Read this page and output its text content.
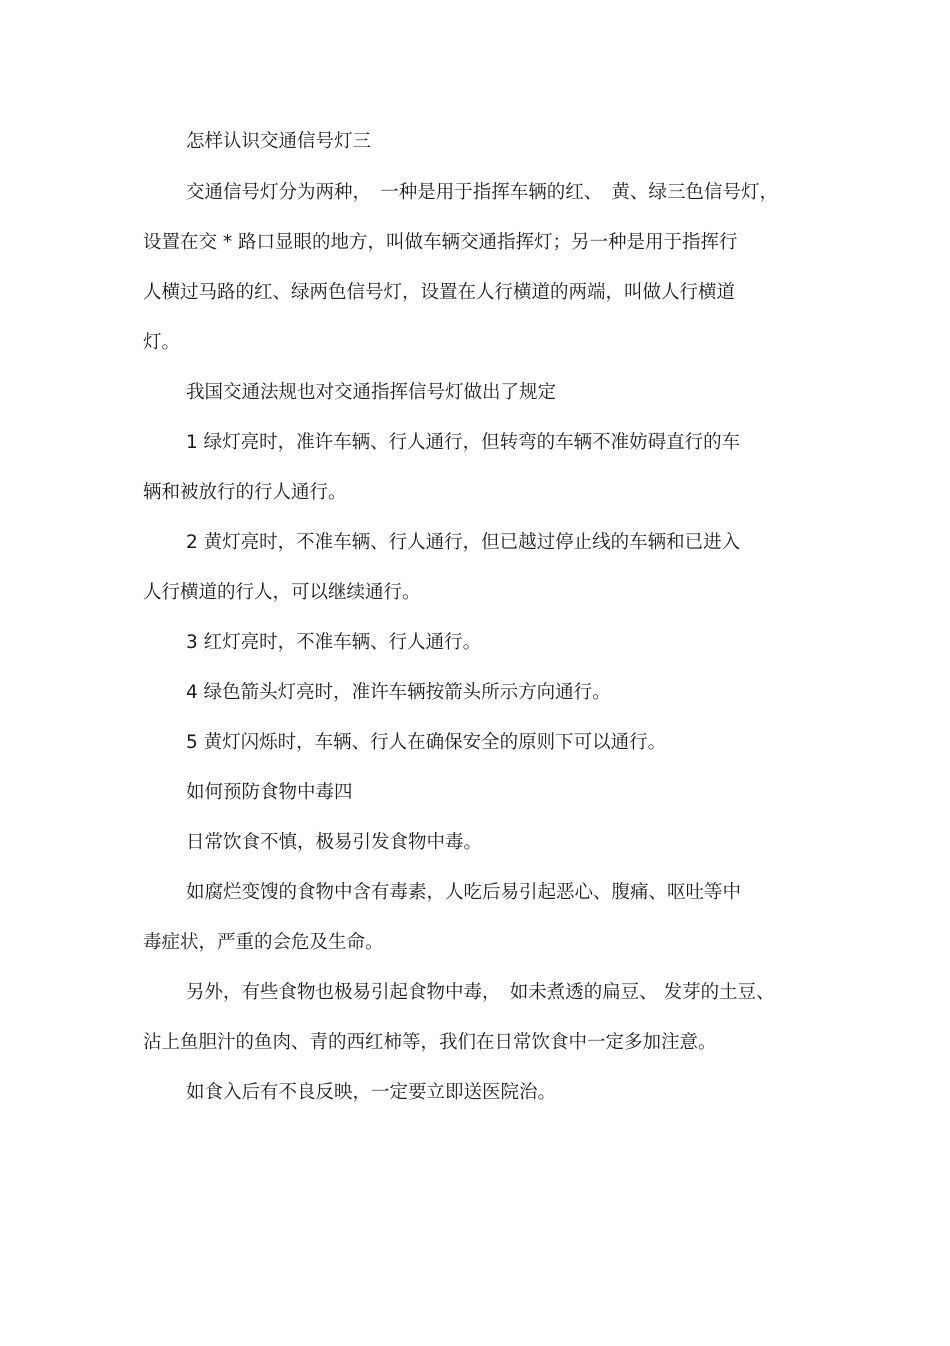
怎样认识交通信号灯三
交通信号灯分为两种，　一种是用于指挥车辆的红、　黄、绿三色信号灯，
设置在交 * 路口显眼的地方，叫做车辆交通指挥灯；另一种是用于指挥行
人横过马路的红、绿两色信号灯，设置在人行横道的两端，叫做人行横道
灯。
我国交通法规也对交通指挥信号灯做出了规定
1 绿灯亮时，准许车辆、行人通行，但转弯的车辆不准妨碍直行的车
辆和被放行的行人通行。
2 黄灯亮时，不准车辆、行人通行，但已越过停止线的车辆和已进入
人行横道的行人，可以继续通行。
3 红灯亮时，不准车辆、行人通行。
4 绿色箭头灯亮时，准许车辆按箭头所示方向通行。
5 黄灯闪烁时，车辆、行人在确保安全的原则下可以通行。
如何预防食物中毒四
日常饮食不慎，极易引发食物中毒。
如腐烂变馊的食物中含有毒素，人吃后易引起恶心、腹痛、呕吐等中
毒症状，严重的会危及生命。
另外，有些食物也极易引起食物中毒，　如未煮透的扁豆、 发芽的土豆、
沾上鱼胆汁的鱼肉、青的西红柿等，我们在日常饮食中一定多加注意。
如食入后有不良反映，一定要立即送医院治。
